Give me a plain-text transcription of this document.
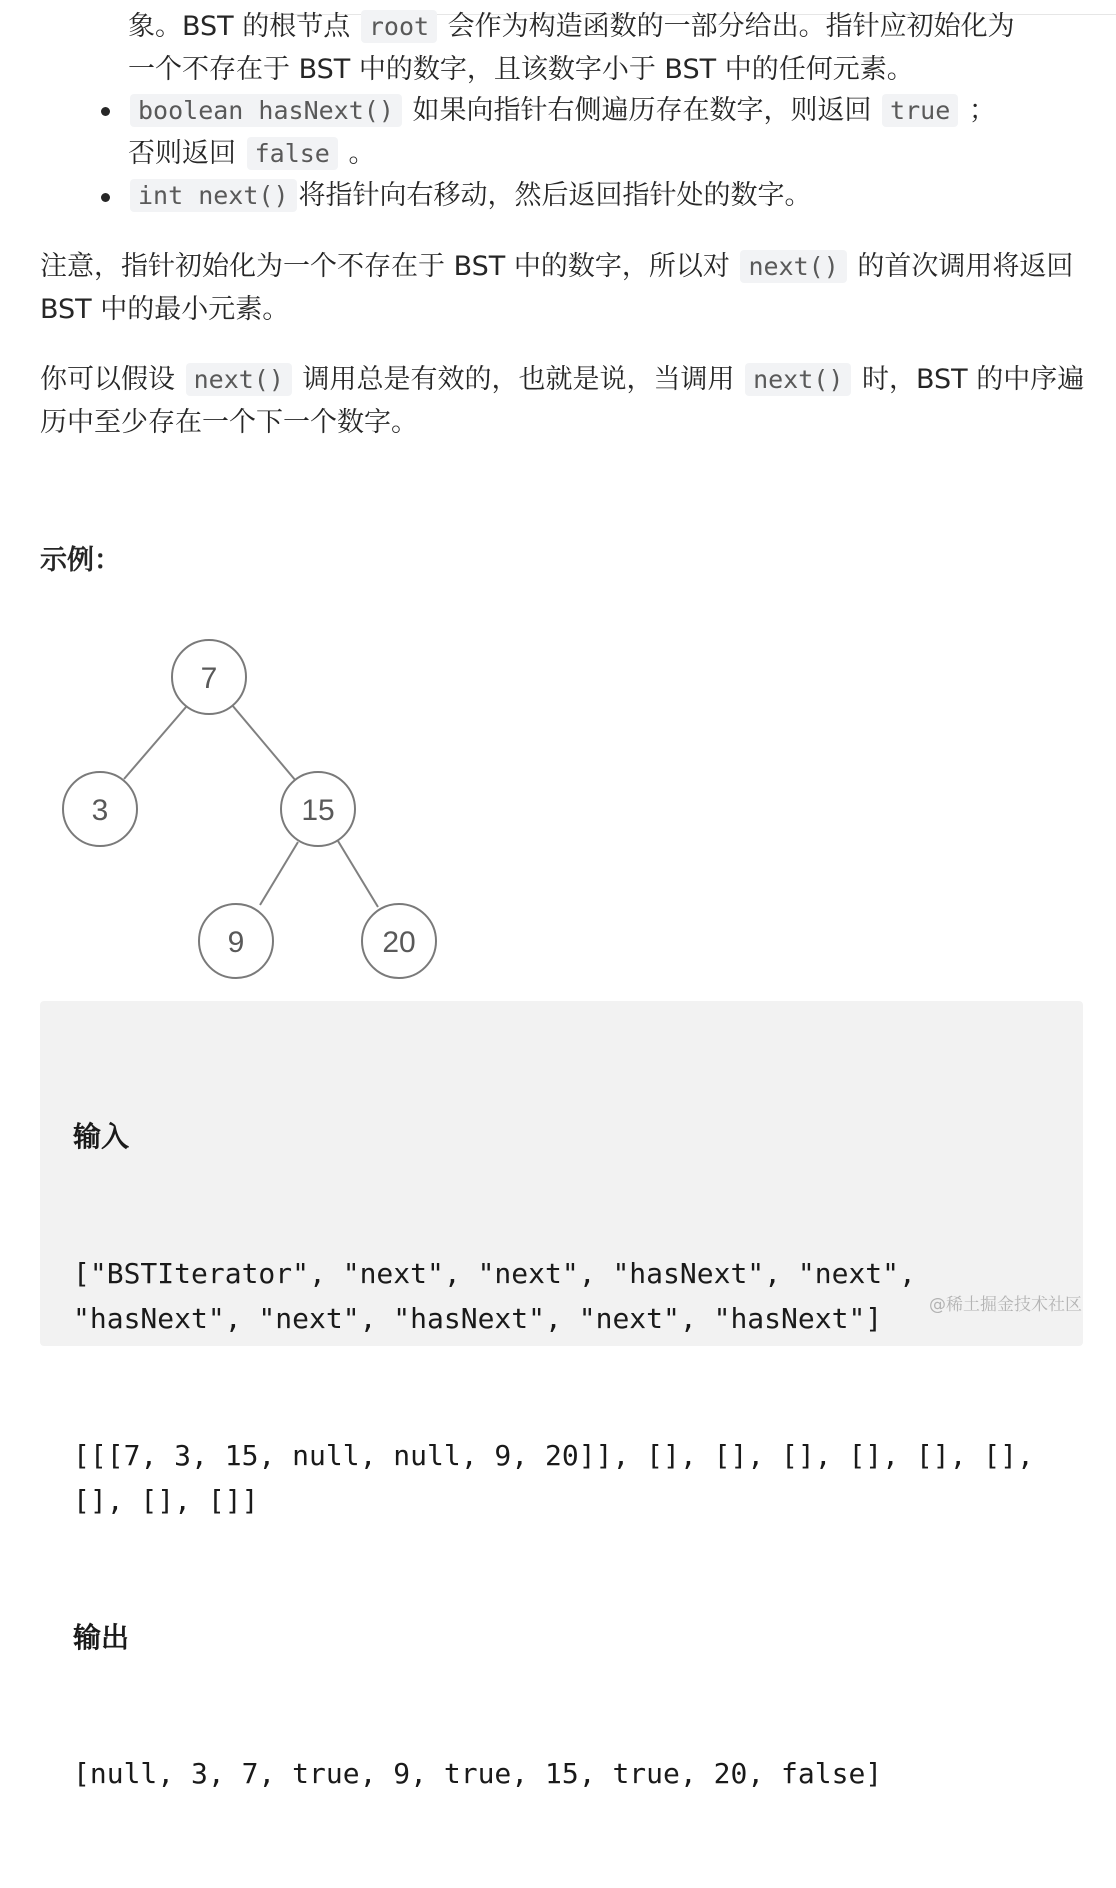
象。BST 的根节点 root 会作为构造函数的一部分给出。指针应初始化为
一个不存在于 BST 中的数字，且该数字小于 BST 中的任何元素。

boolean hasNext() 如果向指针右侧遍历存在数字，则返回 true ；
否则返回 false 。

int next() 将指针向右移动，然后返回指针处的数字。

注意，指针初始化为一个不存在于 BST 中的数字，所以对 next() 的首次调用将返回 BST 中的最小元素。

你可以假设 next() 调用总是有效的，也就是说，当调用 next() 时，BST 的中序遍历中至少存在一个下一个数字。

示例：

7
3	15
9	20

输入

["BSTIterator", "next", "next", "hasNext", "next", "hasNext", "next", "hasNext", "next", "hasNext"]

[[[7, 3, 15, null, null, 9, 20]], [], [], [], [], [], [], [], [], []]

输出

[null, 3, 7, true, 9, true, 15, true, 20, false]

@稀土掘金技术社区
